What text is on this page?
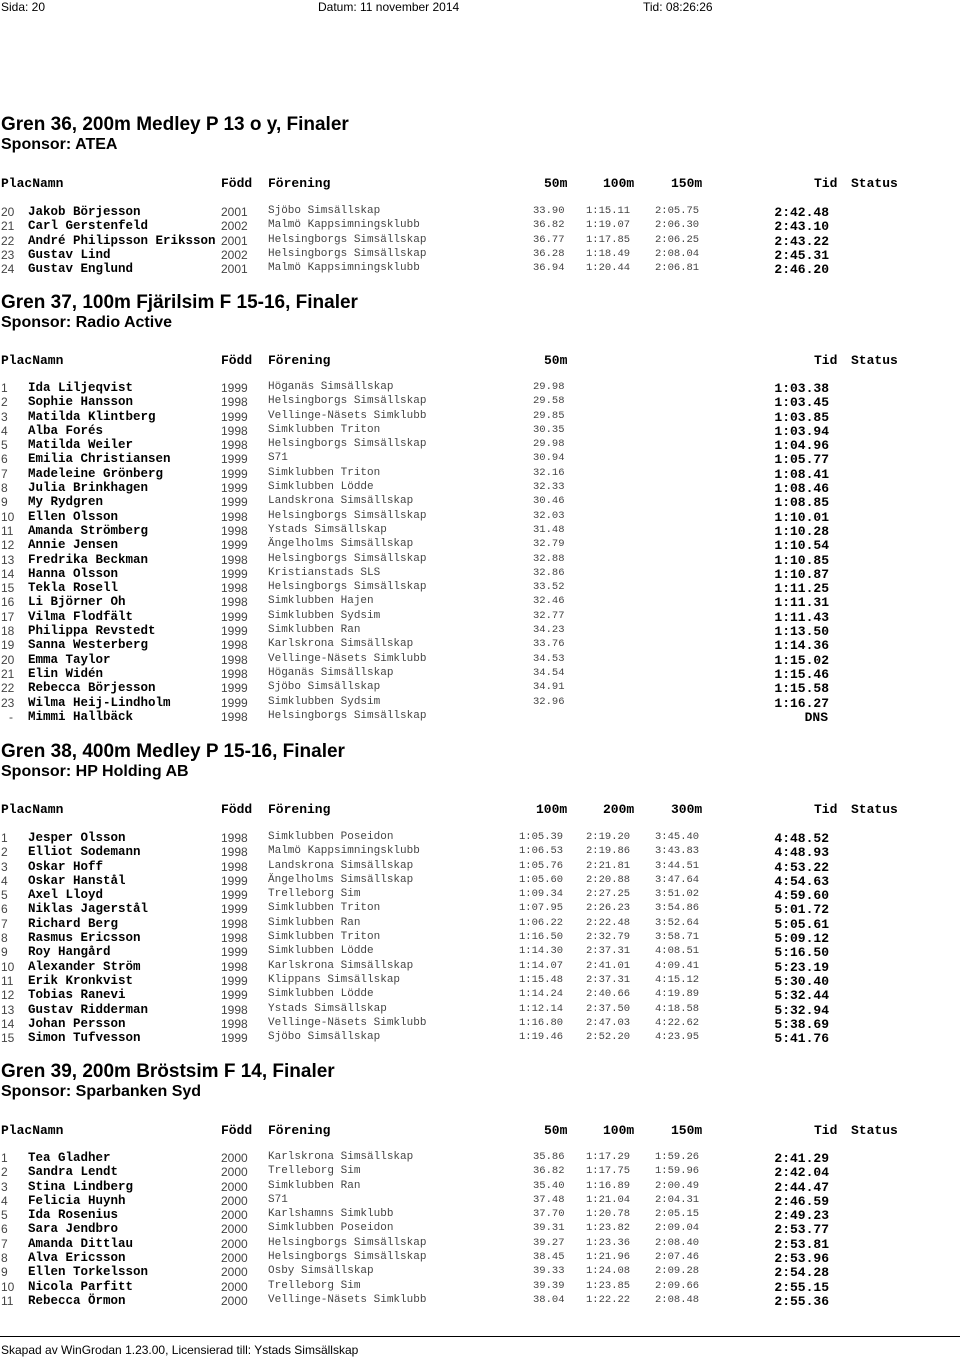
Sida: 20	Datum: 11 november 2014	Tid: 08:26:26
Gren 36, 200m Medley P 13 o y, Finaler
Sponsor: ATEA
PlacNamn	Född Förening	50m	100m	150m	Tid Status
20 Jakob Börjesson	2001 Sjöbo Simsällskap	33.90 1:15.11 2:05.75	2:42.48
21 Carl Gerstenfeld	2002 Malmö Kappsimningsklubb	36.82 1:19.07 2:06.30	2:43.10
22 André Philipsson Eriksson 2001 Helsingborgs Simsällskap	36.77 1:17.85 2:06.25	2:43.22
23 Gustav Lind	2002 Helsingborgs Simsällskap	36.28 1:18.49 2:08.04	2:45.31
24 Gustav Englund	2001 Malmö Kappsimningsklubb	36.94 1:20.44 2:06.81	2:46.20
Gren 37, 100m Fjärilsim F 15-16, Finaler
Sponsor: Radio Active
PlacNamn	Född Förening	50m	Tid Status
1 Ida Liljeqvist	1999 Höganäs Simsällskap	29.98	1:03.38
2 Sophie Hansson	1998 Helsingborgs Simsällskap	29.58	1:03.45
3 Matilda Klintberg	1999 Vellinge-Näsets Simklubb	29.85	1:03.85
4 Alba Forés	1998 Simklubben Triton	30.35	1:03.94
5 Matilda Weiler	1998 Helsingborgs Simsällskap	29.98	1:04.96
6 Emilia Christiansen	1999 S71	30.94	1:05.77
7 Madeleine Grönberg	1999 Simklubben Triton	32.16	1:08.41
8 Julia Brinkhagen	1999 Simklubben Lödde	32.33	1:08.46
9 My Rydgren	1999 Landskrona Simsällskap	30.46	1:08.85
10 Ellen Olsson	1998 Helsingborgs Simsällskap	32.03	1:10.01
11 Amanda Strömberg	1998 Ystads Simsällskap	31.48	1:10.28
12 Annie Jensen	1999 Ängelholms Simsällskap	32.79	1:10.54
13 Fredrika Beckman	1998 Helsingborgs Simsällskap	32.88	1:10.85
14 Hanna Olsson	1999 Kristianstads SLS	32.86	1:10.87
15 Tekla Rosell	1998 Helsingborgs Simsällskap	33.52	1:11.25
16 Li Björner Oh	1998 Simklubben Hajen	32.46	1:11.31
17 Vilma Flodfält	1999 Simklubben Sydsim	32.77	1:11.43
18 Philippa Revstedt	1999 Simklubben Ran	34.23	1:13.50
19 Sanna Westerberg	1998 Karlskrona Simsällskap	33.76	1:14.36
20 Emma Taylor	1998 Vellinge-Näsets Simklubb	34.53	1:15.02
21 Elin Widén	1998 Höganäs Simsällskap	34.54	1:15.46
22 Rebecca Börjesson	1999 Sjöbo Simsällskap	34.91	1:15.58
23 Wilma Heij-Lindholm	1999 Simklubben Sydsim	32.96	1:16.27
- Mimmi Hallbäck	1998 Helsingborgs Simsällskap	DNS
Gren 38, 400m Medley P 15-16, Finaler
Sponsor: HP Holding AB
PlacNamn	Född Förening	100m	200m	300m	Tid Status
1 Jesper Olsson	1998 Simklubben Poseidon	1:05.39 2:19.20 3:45.40	4:48.52
2 Elliot Sodemann	1998 Malmö Kappsimningsklubb	1:06.53 2:19.86 3:43.83	4:48.93
3 Oskar Hoff	1998 Landskrona Simsällskap	1:05.76 2:21.81 3:44.51	4:53.22
4 Oskar Hanstål	1999 Ängelholms Simsällskap	1:05.60 2:20.88 3:47.64	4:54.63
5 Axel Lloyd	1999 Trelleborg Sim	1:09.34 2:27.25 3:51.02	4:59.60
6 Niklas Jagerstål	1999 Simklubben Triton	1:07.95 2:26.23 3:54.86	5:01.72
7 Richard Berg	1998 Simklubben Ran	1:06.22 2:22.48 3:52.64	5:05.61
8 Rasmus Ericsson	1998 Simklubben Triton	1:16.50 2:32.79 3:58.71	5:09.12
9 Roy Hangård	1999 Simklubben Lödde	1:14.30 2:37.31 4:08.51	5:16.50
10 Alexander Ström	1998 Karlskrona Simsällskap	1:14.07 2:41.01 4:09.41	5:23.19
11 Erik Kronkvist	1999 Klippans Simsällskap	1:15.48 2:37.31 4:15.12	5:30.40
12 Tobias Ranevi	1999 Simklubben Lödde	1:14.24 2:40.66 4:19.89	5:32.44
13 Gustav Ridderman	1998 Ystads Simsällskap	1:12.14 2:37.50 4:18.58	5:32.94
14 Johan Persson	1998 Vellinge-Näsets Simklubb	1:16.80 2:47.03 4:22.62	5:38.69
15 Simon Tufvesson	1999 Sjöbo Simsällskap	1:19.46 2:52.20 4:23.95	5:41.76
Gren 39, 200m Bröstsim F 14, Finaler
Sponsor: Sparbanken Syd
PlacNamn	Född Förening	50m	100m	150m	Tid Status
1 Tea Gladher	2000 Karlskrona Simsällskap	35.86 1:17.29 1:59.26	2:41.29
2 Sandra Lendt	2000 Trelleborg Sim	36.82 1:17.75 1:59.96	2:42.04
3 Stina Lindberg	2000 Simklubben Ran	35.40 1:16.89 2:00.49	2:44.47
4 Felicia Huynh	2000 S71	37.48 1:21.04 2:04.31	2:46.59
5 Ida Rosenius	2000 Karlshamns Simklubb	37.70 1:20.78 2:05.15	2:49.23
6 Sara Jendbro	2000 Simklubben Poseidon	39.31 1:23.82 2:09.04	2:53.77
7 Amanda Dittlau	2000 Helsingborgs Simsällskap	39.27 1:23.36 2:08.40	2:53.81
8 Alva Ericsson	2000 Helsingborgs Simsällskap	38.45 1:21.96 2:07.46	2:53.96
9 Ellen Torkelsson	2000 Osby Simsällskap	39.33 1:24.08 2:09.28	2:54.28
10 Nicola Parfitt	2000 Trelleborg Sim	39.39 1:23.85 2:09.66	2:55.15
11 Rebecca Örmon	2000 Vellinge-Näsets Simklubb	38.04 1:22.22 2:08.48	2:55.36
Skapad av WinGrodan 1.23.00, Licensierad till: Ystads Simsällskap
